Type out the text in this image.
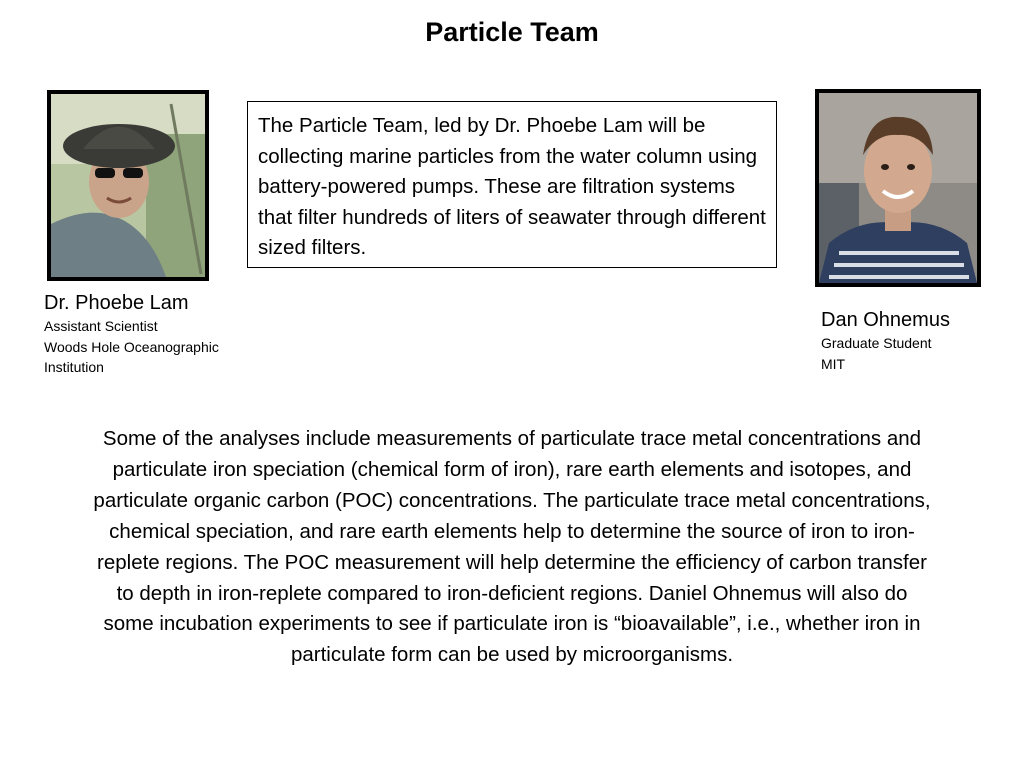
Particle Team
The Particle Team, led by Dr. Phoebe Lam will be collecting marine particles from the water column using battery-powered pumps. These are filtration systems that filter hundreds of liters of seawater through different sized filters.
Dr. Phoebe Lam
Assistant Scientist
Woods Hole Oceanographic
Institution
Dan Ohnemus
Graduate Student
MIT
Some of the analyses include measurements of particulate trace metal concentrations and particulate iron speciation (chemical form of iron), rare earth elements and isotopes, and particulate organic carbon (POC) concentrations. The particulate trace metal concentrations, chemical speciation, and rare earth elements help to determine the source of iron to iron-replete regions. The POC measurement will help determine the efficiency of carbon transfer to depth in iron-replete compared to iron-deficient regions. Daniel Ohnemus will also do some incubation experiments to see if particulate iron is “bioavailable”, i.e., whether iron in particulate form can be used by microorganisms.
